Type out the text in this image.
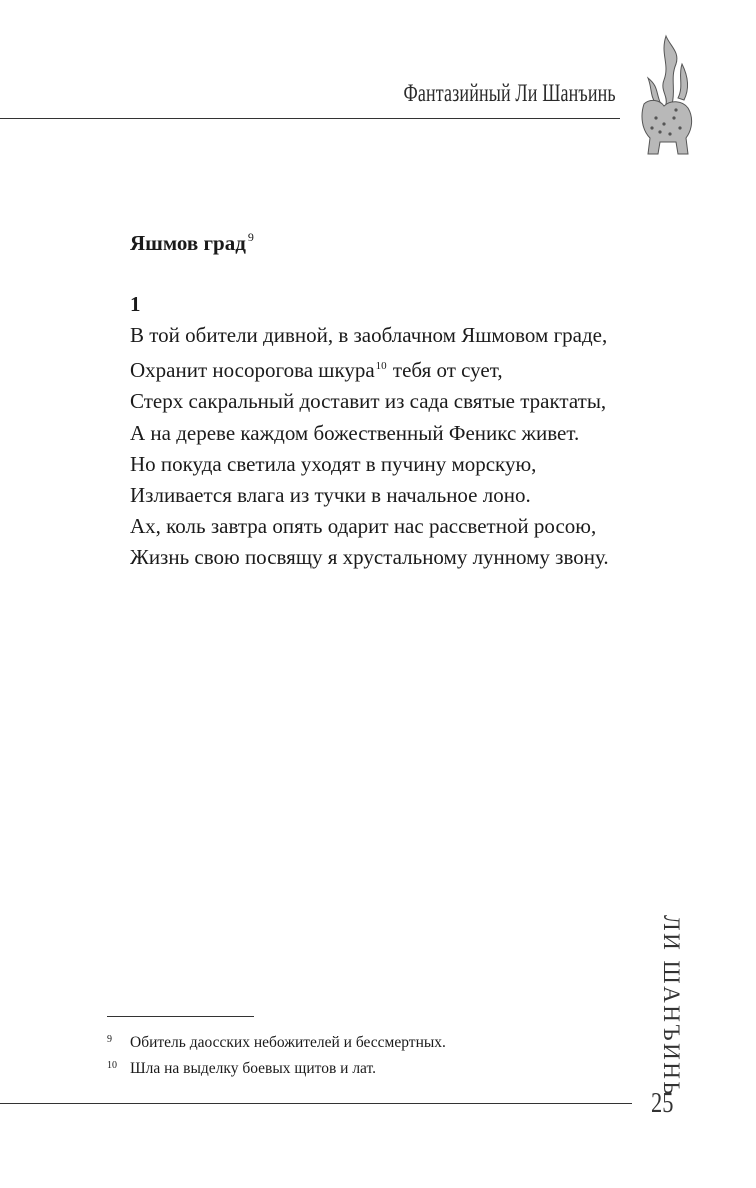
Фантазийный Ли Шанъинь
Яшмов град $^9$
1

В той обители дивной, в заоблачном Яшмовом граде,

Охранит носорогова шкура$^{10}$ тебя от сует,

Стерх сакральный доставит из сада святые трактаты,

А на дереве каждом божественный Феникс живет.

Но покуда светила уходят в пучину морскую,

Изливается влага из тучки в начальное лоно.

Ах, коль завтра опять одарит нас рассветной росою,

Жизнь свою посвящу я хрустальному лунному звону.

9 Обитель даосских небожителей и бессмертных.
10 Шла на выделку боевых щитов и лат.	ЛИ ШАНЪИНЬ
25
